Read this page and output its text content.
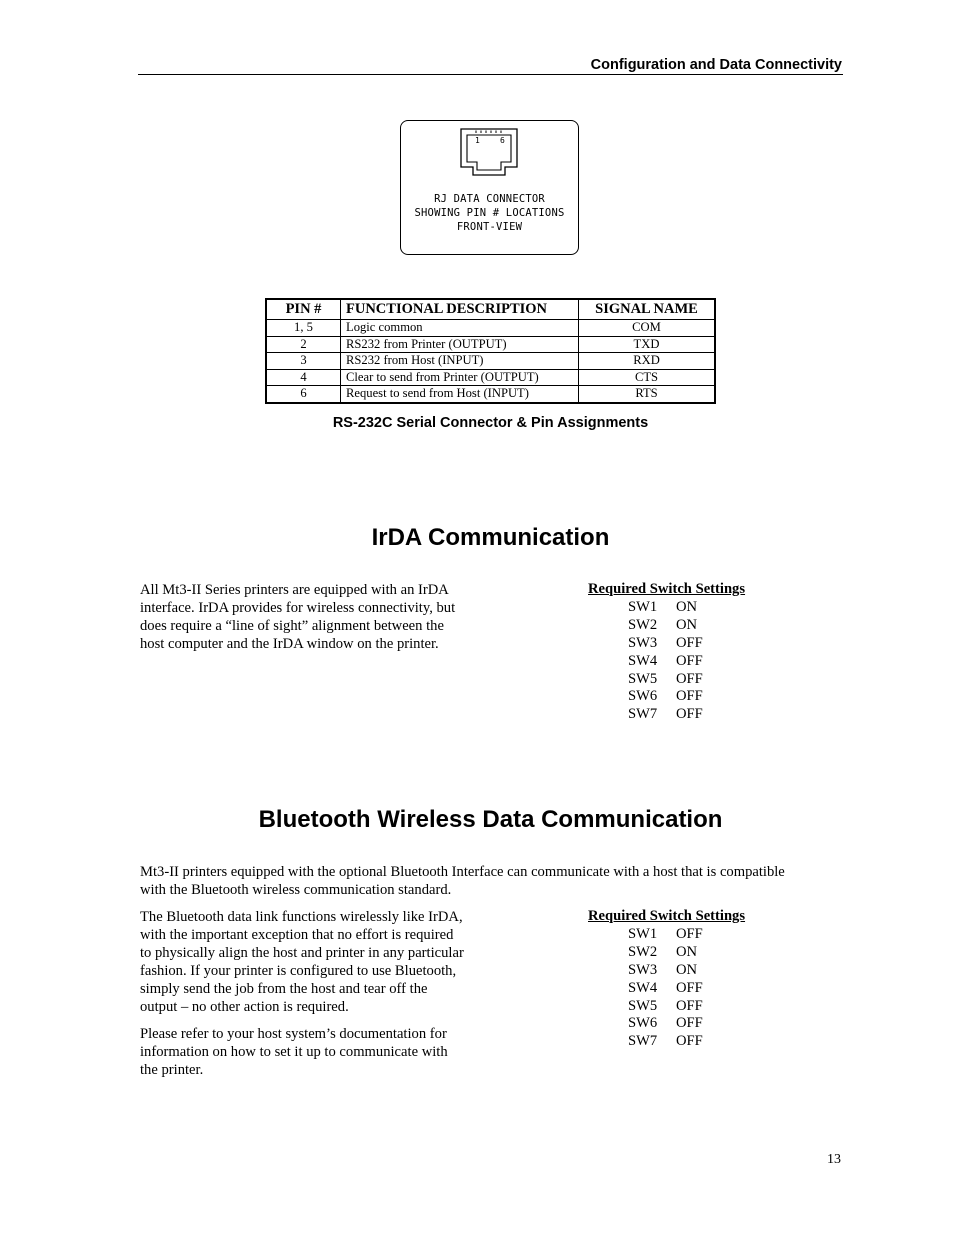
Configuration and Data Connectivity
1	6
RJ DATA CONNECTOR
SHOWING PIN # LOCATIONS
FRONT-VIEW
PIN #	FUNCTIONAL DESCRIPTION	SIGNAL NAME
1, 5	Logic common	COM
2	RS232 from Printer (OUTPUT)	TXD
3	RS232 from Host (INPUT)	RXD
4	Clear to send from Printer (OUTPUT)	CTS
6	Request to send from Host (INPUT)	RTS
RS-232C Serial Connector & Pin Assignments
IrDA Communication

All Mt3-II Series printers are equipped with an IrDA

interface. IrDA provides for wireless connectivity, but

does require a “line of sight” alignment between the

host computer and the IrDA window on the printer.

Required Switch Settings
SW1	ON
SW2	ON
SW3	OFF
SW4	OFF
SW5	OFF
SW6	OFF
SW7	OFF
Bluetooth Wireless Data Communication

Mt3-II printers equipped with the optional Bluetooth Interface can communicate with a host that is compatible

with the Bluetooth wireless communication standard.

The Bluetooth data link functions wirelessly like IrDA,

with the important exception that no effort is required

to physically align the host and printer in any particular

fashion. If your printer is configured to use Bluetooth,

simply send the job from the host and tear off the

output – no other action is required.

Please refer to your host system’s documentation for

information on how to set it up to communicate with

the printer.

Required Switch Settings
SW1	OFF
SW2	ON
SW3	ON
SW4	OFF
SW5	OFF
SW6	OFF
SW7	OFF
13
